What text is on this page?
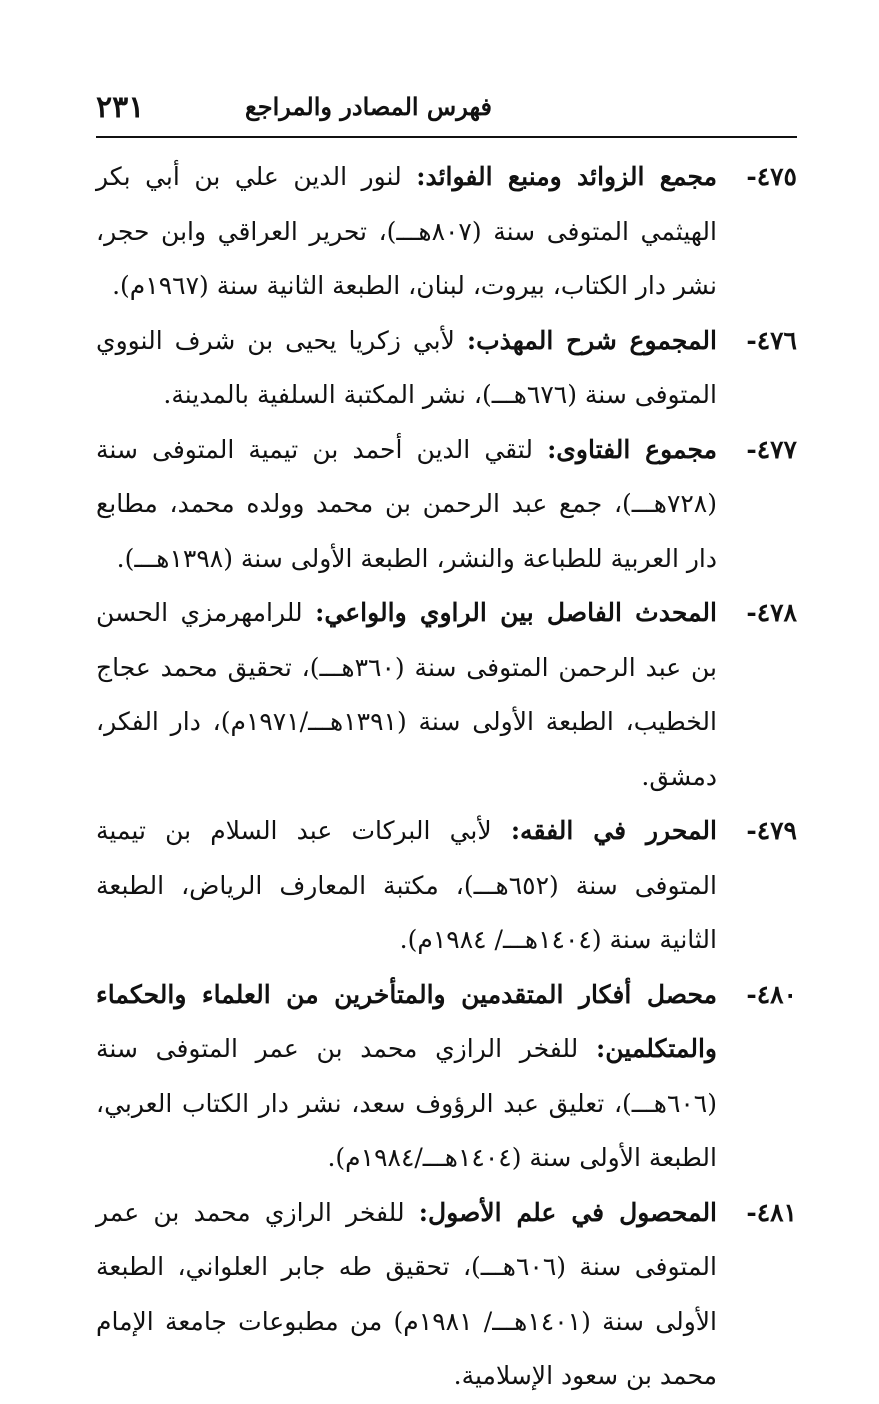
٢٣١	فهرس المصادر والمراجع
٤٧٥-
مجمع الزوائد ومنبع الفوائد: لنور الدين علي بن أبي بكر الهيثمي المتوفى سنة (٨٠٧هـــ)، تحرير العراقي وابن حجر، نشر دار الكتاب، بيروت، لبنان، الطبعة الثانية سنة (١٩٦٧م).
٤٧٦-
المجموع شرح المهذب: لأبي زكريا يحيى بن شرف النووي المتوفى سنة (٦٧٦هـــ)، نشر المكتبة السلفية بالمدينة.
٤٧٧-
مجموع الفتاوى: لتقي الدين أحمد بن تيمية المتوفى سنة (٧٢٨هـــ)، جمع عبد الرحمن بن محمد وولده محمد، مطابع دار العربية للطباعة والنشر، الطبعة الأولى سنة (١٣٩٨هـــ).
٤٧٨-
المحدث الفاصل بين الراوي والواعي: للرامهرمزي الحسن بن عبد الرحمن المتوفى سنة (٣٦٠هـــ)، تحقيق محمد عجاج الخطيب، الطبعة الأولى سنة (١٣٩١هـــ/١٩٧١م)، دار الفكر، دمشق.
٤٧٩-
المحرر في الفقه: لأبي البركات عبد السلام بن تيمية المتوفى سنة (٦٥٢هـــ)، مكتبة المعارف الرياض، الطبعة الثانية سنة (١٤٠٤هـــ/ ١٩٨٤م).
٤٨٠-
محصل أفكار المتقدمين والمتأخرين من العلماء والحكماء والمتكلمين: للفخر الرازي محمد بن عمر المتوفى سنة (٦٠٦هـــ)، تعليق عبد الرؤوف سعد، نشر دار الكتاب العربي، الطبعة الأولى سنة (١٤٠٤هـــ/١٩٨٤م).
٤٨١-
المحصول في علم الأصول: للفخر الرازي محمد بن عمر المتوفى سنة (٦٠٦هـــ)، تحقيق طه جابر العلواني، الطبعة الأولى سنة (١٤٠١هـــ/ ١٩٨١م) من مطبوعات جامعة الإمام محمد بن سعود الإسلامية.
